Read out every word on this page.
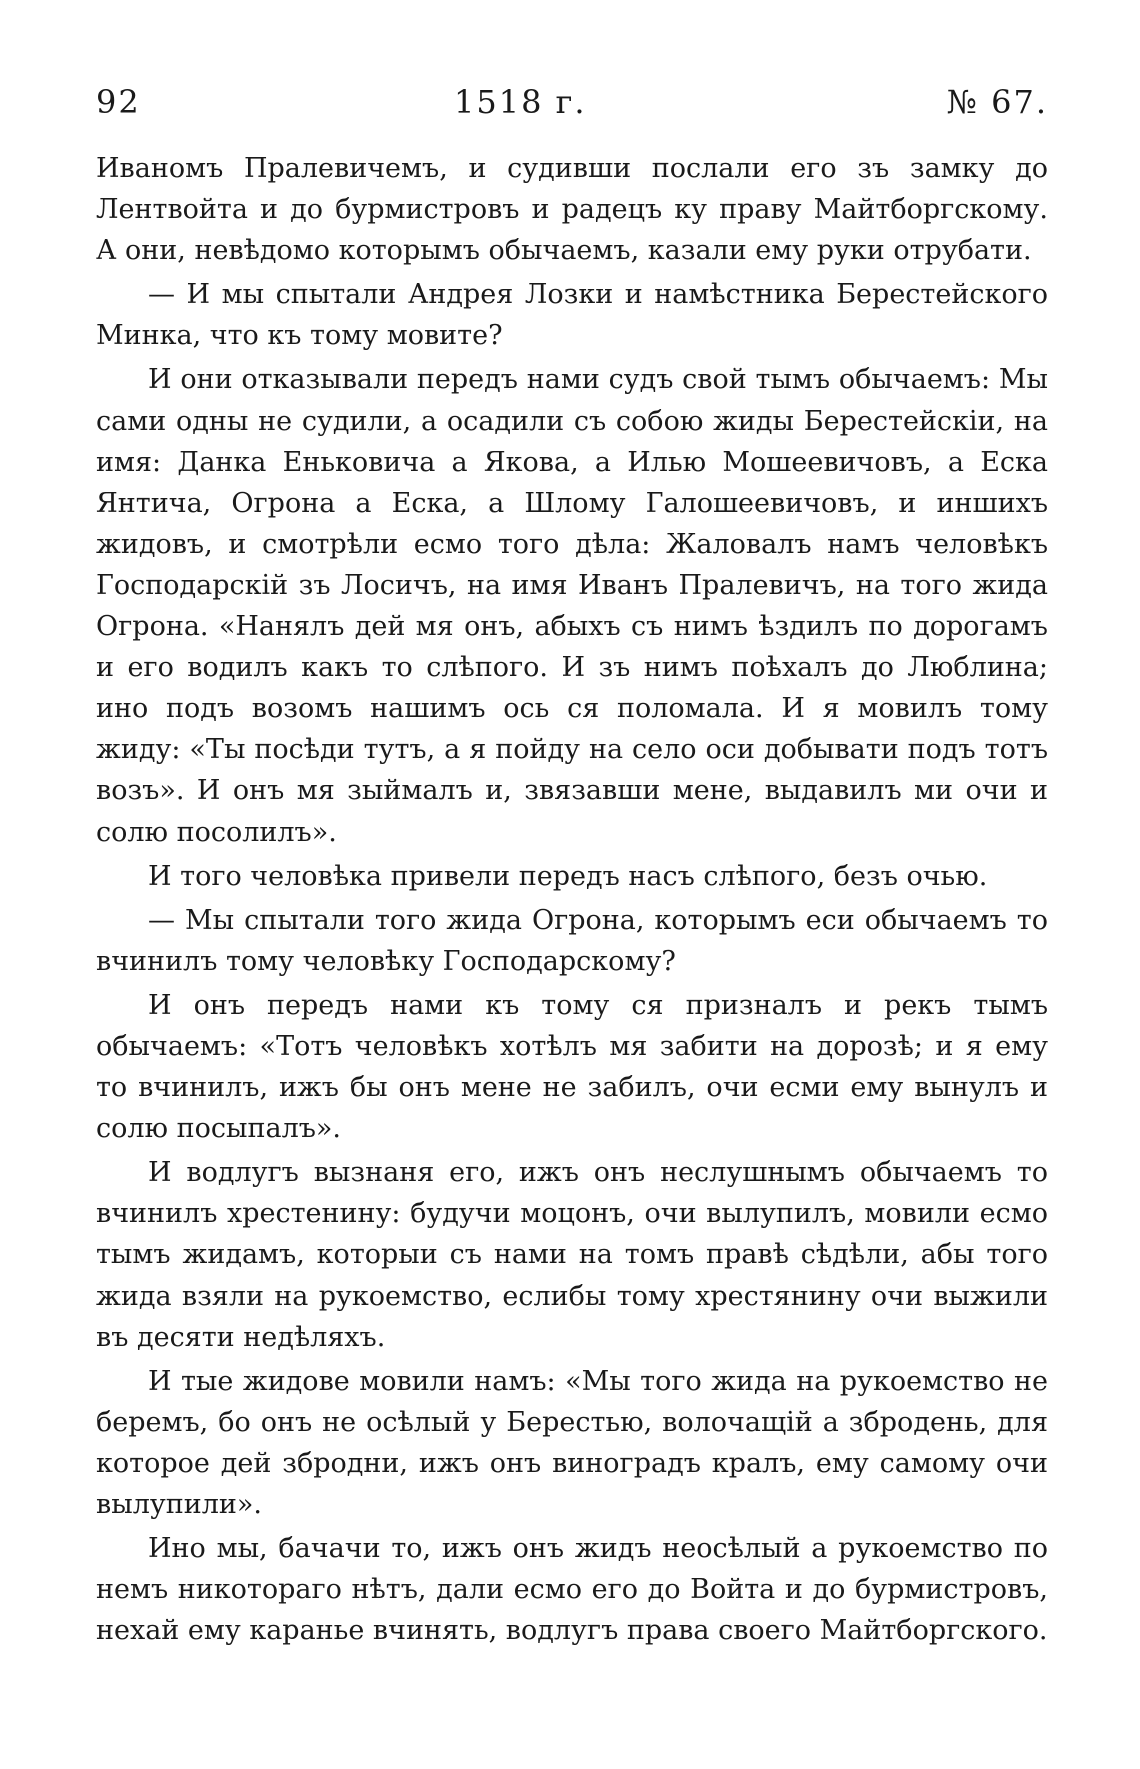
92	1518 г.	№ 67.

Иваномъ Пралевичемъ, и судивши послали его зъ замку до Лентвойта и до бурмистровъ и радецъ ку праву Майтборгскому. А они, невѣдомо которымъ обычаемъ, казали ему руки отрубати.

— И мы спытали Андрея Лозки и намѣстника Берестейского Минка, что къ тому мовите?

И они отказывали передъ нами судъ свой тымъ обычаемъ: Мы сами одны не судили, а осадили съ собою жиды Берестейскіи, на имя: Данка Еньковича а Якова, а Илью Мошеевичовъ, а Еска Янтича, Огрона а Еска, а Шлому Галошеевичовъ, и иншихъ жидовъ, и смотрѣли есмо того дѣла: Жаловалъ намъ человѣкъ Господарскій зъ Лосичъ, на имя Иванъ Пралевичъ, на того жида Огрона. «Нанялъ дей мя онъ, абыхъ съ нимъ ѣздилъ по дорогамъ и его водилъ какъ то слѣпого. И зъ нимъ поѣхалъ до Люблина; ино подъ возомъ нашимъ ось ся поломала. И я мовилъ тому жиду: «Ты посѣди тутъ, а я пойду на село оси добывати подъ тотъ возъ». И онъ мя зыймалъ и, звязавши мене, выдавилъ ми очи и солю посолилъ».

И того человѣка привели передъ насъ слѣпого, безъ очью.

— Мы спытали того жида Огрона, которымъ еси обычаемъ то вчинилъ тому человѣку Господарскому?

И онъ передъ нами къ тому ся призналъ и рекъ тымъ обычаемъ: «Тотъ человѣкъ хотѣлъ мя забити на дорозѣ; и я ему то вчинилъ, ижъ бы онъ мене не забилъ, очи есми ему вынулъ и солю посыпалъ».

И водлугъ вызнаня его, ижъ онъ неслушнымъ обычаемъ то вчинилъ хрестенину: будучи моцонъ, очи вылупилъ, мовили есмо тымъ жидамъ, которыи съ нами на томъ правѣ сѣдѣли, абы того жида взяли на рукоемство, еслибы тому хрестянину очи выжили въ десяти недѣляхъ.

И тые жидове мовили намъ: «Мы того жида на рукоемство не беремъ, бо онъ не осѣлый у Берестью, волочащій а збродень, для которое дей збродни, ижъ онъ виноградъ кралъ, ему самому очи вылупили».

Ино мы, бачачи то, ижъ онъ жидъ неосѣлый а рукоемство по немъ никотораго нѣтъ, дали есмо его до Войта и до бурмистровъ, нехай ему каранье вчинять, водлугъ права своего Майтборгского.
